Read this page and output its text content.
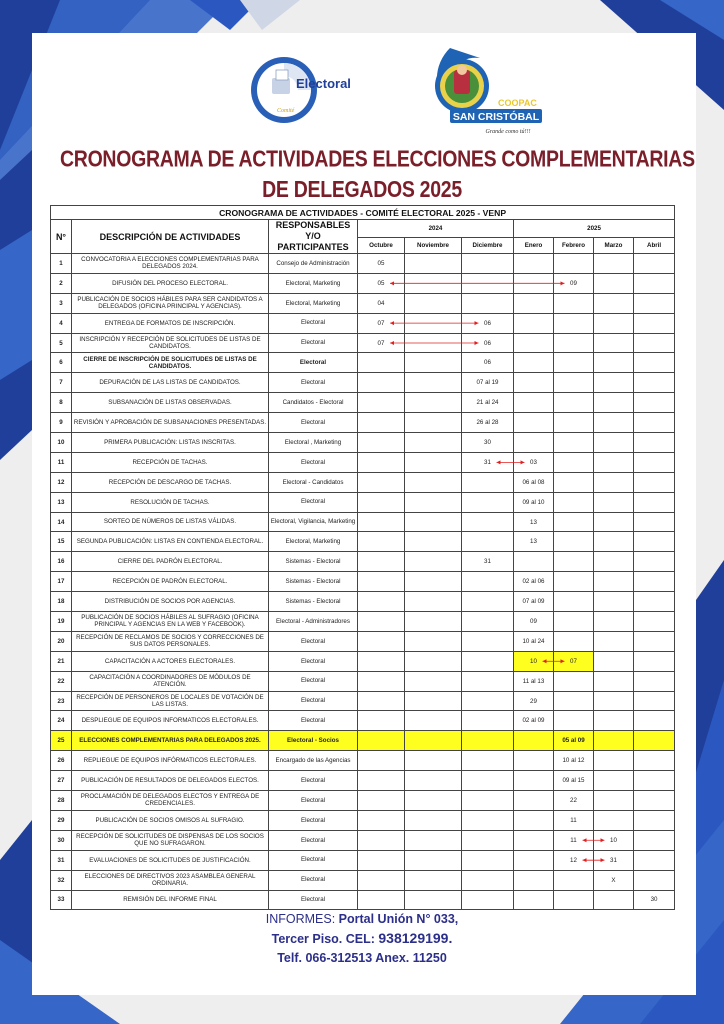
Electoral
Comité
COOPAC
SAN CRISTÓBAL
Grande como tú!!!
CRONOGRAMA DE ACTIVIDADES ELECCIONES COMPLEMENTARIAS
DE DELEGADOS 2025
CRONOGRAMA DE ACTIVIDADES - COMITÉ ELECTORAL 2025 - VENP									
N°	DESCRIPCIÓN DE ACTIVIDADES	RESPONSABLES Y/O PARTICIPANTES	2024			2025			
			Octubre	Noviembre	Diciembre	Enero	Febrero	Marzo	Abril
1	CONVOCATORIA A ELECCIONES COMPLEMENTARIAS PARA DELEGADOS 2024.	Consejo de Administración	05						
2	DIFUSIÓN DEL PROCESO ELECTORAL.	Electoral, Marketing	05				09		
3	PUBLICACIÓN DE SOCIOS HÁBILES PARA SER CANDIDATOS A DELEGADOS (OFICINA PRINCIPAL Y AGENCIAS).	Electoral, Marketing	04						
4	ENTREGA DE FORMATOS DE INSCRIPCIÓN.	Electoral	07		06				
5	INSCRIPCIÓN Y RECEPCIÓN DE SOLICITUDES DE LISTAS DE CANDIDATOS.	Electoral	07		06				
6	CIERRE DE INSCRIPCIÓN DE SOLICITUDES DE LISTAS DE CANDIDATOS.	Electoral			06				
7	DEPURACIÓN DE LAS LISTAS DE CANDIDATOS.	Electoral			07 al 19				
8	SUBSANACIÓN DE LISTAS OBSERVADAS.	Candidatos - Electoral			21 al 24				
9	REVISIÓN Y APROBACIÓN DE SUBSANACIONES PRESENTADAS.	Electoral			26 al 28				
10	PRIMERA PUBLICACIÓN: LISTAS INSCRITAS.	Electoral , Marketing			30				
11	RECEPCIÓN DE TACHAS.	Electoral			31	03			
12	RECEPCIÓN DE DESCARGO DE TACHAS.	Electoral - Candidatos				06 al 08			
13	RESOLUCIÓN DE TACHAS.	Electoral				09 al 10			
14	SORTEO DE NÚMEROS DE LISTAS VÁLIDAS.	Electoral, Vigilancia, Marketing				13			
15	SEGUNDA PUBLICACIÓN: LISTAS EN CONTIENDA ELECTORAL.	Electoral, Marketing				13			
16	CIERRE DEL PADRÓN ELECTORAL.	Sistemas - Electoral			31				
17	RECEPCIÓN DE PADRÓN ELECTORAL.	Sistemas - Electoral				02 al 06			
18	DISTRIBUCIÓN DE SOCIOS POR AGENCIAS.	Sistemas - Electoral				07 al 09			
19	PUBLICACIÓN DE SOCIOS HÁBILES AL SUFRAGIO (OFICINA PRINCIPAL Y AGENCIAS EN LA WEB Y FACEBOOK).	Electoral - Administradores				09			
20	RECEPCIÓN DE RECLAMOS DE SOCIOS Y CORRECCIONES DE SUS DATOS PERSONALES.	Electoral				10 al 24			
21	CAPACITACIÓN A ACTORES ELECTORALES.	Electoral				10	07		
22	CAPACITACIÓN A COORDINADORES DE MÓDULOS DE ATENCIÓN.	Electoral				11 al 13			
23	RECEPCIÓN DE PERSONEROS DE LOCALES DE VOTACIÓN DE LAS LISTAS.	Electoral				29			
24	DESPLIEGUE DE EQUIPOS INFORMATICOS ELECTORALES.	Electoral				02 al 09			
25	ELECCIONES COMPLEMENTARIAS PARA DELEGADOS 2025.	Electoral - Socios					05 al 09		
26	REPLIEGUE DE EQUIPOS INFÓRMATICOS ELECTORALES.	Encargado de las Agencias					10 al 12		
27	PUBLICACIÓN DE RESULTADOS DE DELEGADOS ELECTOS.	Electoral					09 al 15		
28	PROCLAMACIÓN DE DELEGADOS ELECTOS Y ENTREGA DE CREDENCIALES.	Electoral					22		
29	PUBLICACIÓN DE SOCIOS OMISOS AL SUFRAGIO.	Electoral					11		
30	RECEPCIÓN DE SOLICITUDES DE DISPENSAS DE LOS SOCIOS QUE NO SUFRAGARON.	Electoral					11	10	
31	EVALUACIONES DE SOLICITUDES DE JUSTIFICACIÓN.	Electoral					12	31	
32	ELECCIONES DE DIRECTIVOS 2023 ASAMBLEA GENERAL ORDINARIA.	Electoral						X	
33	REMISIÓN DEL INFORME FINAL	Electoral							30
INFORMES: Portal Unión N° 033,
Tercer Piso. CEL: 938129199.
Telf. 066-312513 Anex. 11250
